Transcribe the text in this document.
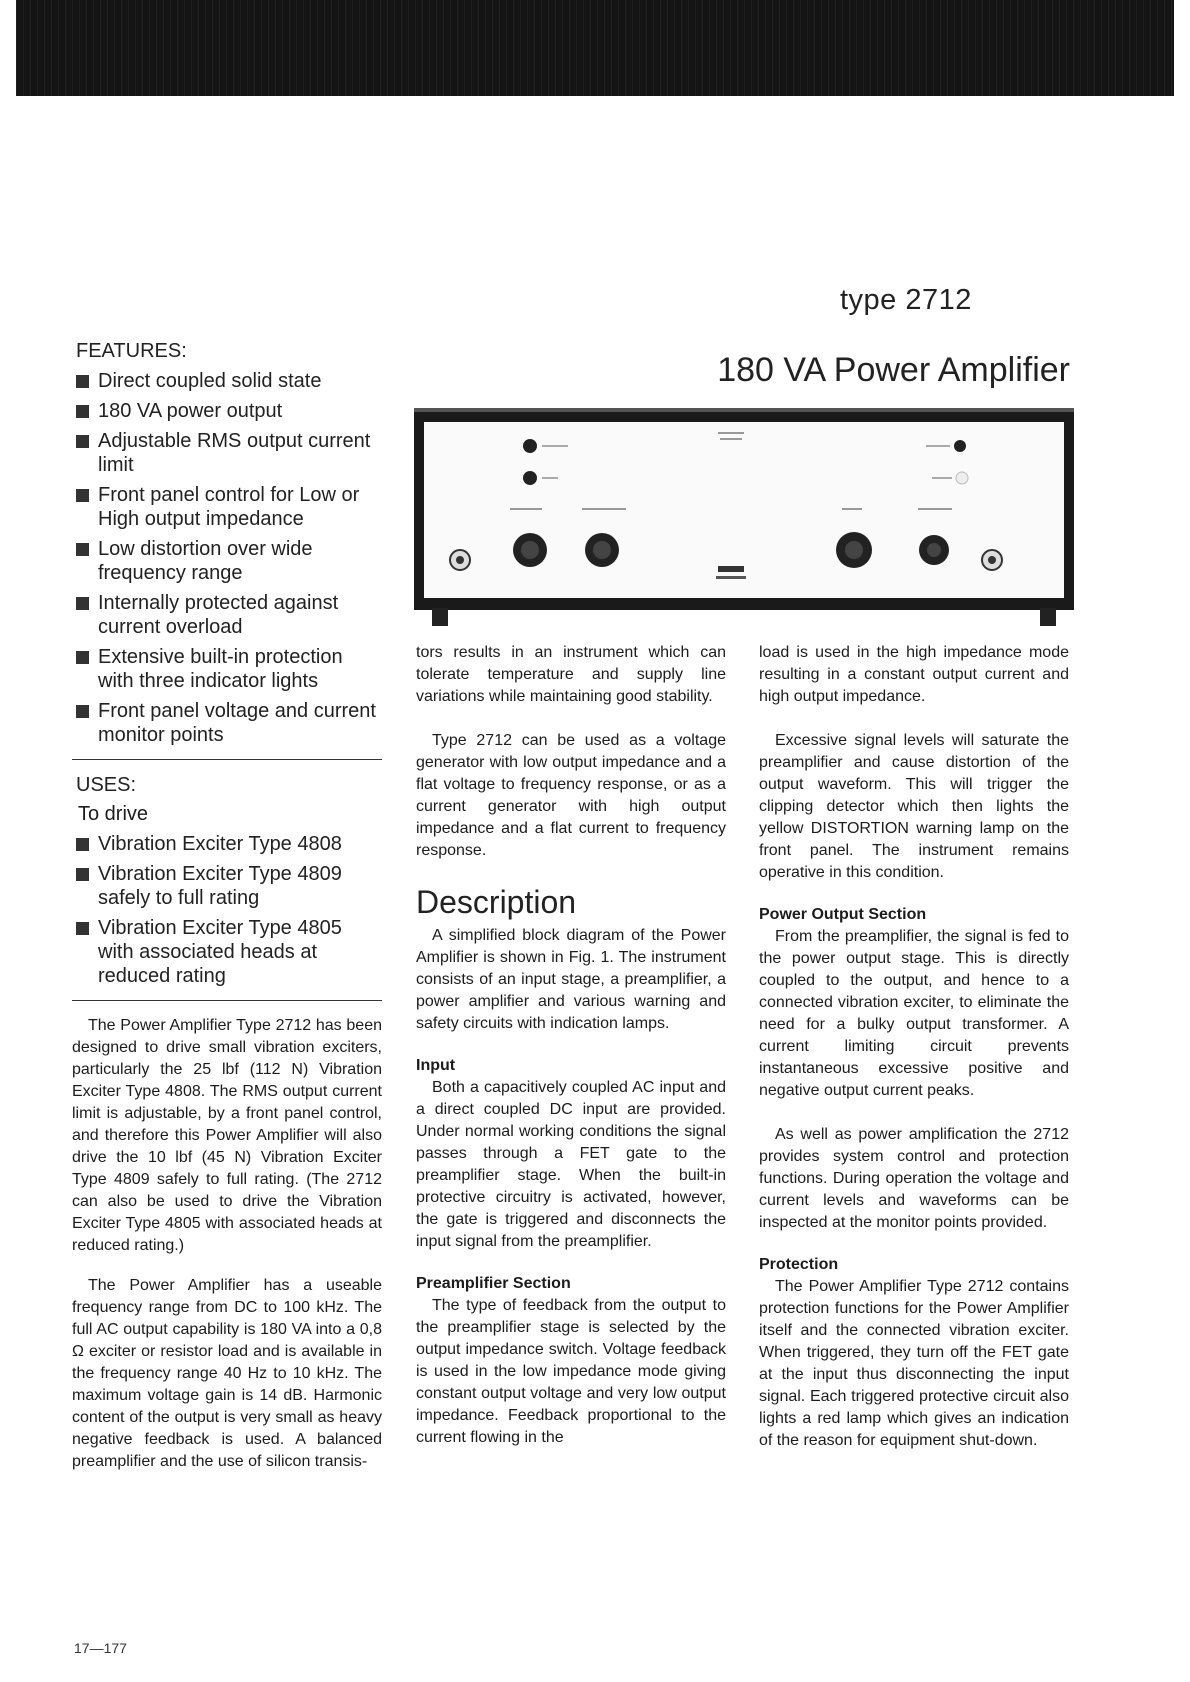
type 2712
180 VA Power Amplifier
FEATURES:
Direct coupled solid state
180 VA power output
Adjustable RMS output current limit
Front panel control for Low or High output impedance
Low distortion over wide frequency range
Internally protected against current overload
Extensive built-in protection with three indicator lights
Front panel voltage and current monitor points
USES:
To drive
Vibration Exciter Type 4808
Vibration Exciter Type 4809 safely to full rating
Vibration Exciter Type 4805 with associated heads at reduced rating

The Power Amplifier Type 2712 has been designed to drive small vibration exciters, particularly the 25 lbf (112 N) Vibration Exciter Type 4808. The RMS output current limit is adjustable, by a front panel control, and therefore this Power Amplifier will also drive the 10 lbf (45 N) Vibration Exciter Type 4809 safely to full rating. (The 2712 can also be used to drive the Vibration Exciter Type 4805 with associated heads at reduced rating.)

The Power Amplifier has a useable frequency range from DC to 100 kHz. The full AC output capability is 180 VA into a 0,8 Ω exciter or resistor load and is available in the frequency range 40 Hz to 10 kHz. The maximum voltage gain is 14 dB. Harmonic content of the output is very small as heavy negative feedback is used. A balanced preamplifier and the use of silicon transis-

tors results in an instrument which can tolerate temperature and supply line variations while maintaining good stability.

Type 2712 can be used as a voltage generator with low output impedance and a flat voltage to frequency response, or as a current generator with high output impedance and a flat current to frequency response.

Description

A simplified block diagram of the Power Amplifier is shown in Fig. 1. The instrument consists of an input stage, a preamplifier, a power amplifier and various warning and safety circuits with indication lamps.

Input

Both a capacitively coupled AC input and a direct coupled DC input are provided. Under normal working conditions the signal passes through a FET gate to the preamplifier stage. When the built-in protective circuitry is activated, however, the gate is triggered and disconnects the input signal from the preamplifier.

Preamplifier Section

The type of feedback from the output to the preamplifier stage is selected by the output impedance switch. Voltage feedback is used in the low impedance mode giving constant output voltage and very low output impedance. Feedback proportional to the current flowing in the

load is used in the high impedance mode resulting in a constant output current and high output impedance.

Excessive signal levels will saturate the preamplifier and cause distortion of the output waveform. This will trigger the clipping detector which then lights the yellow DISTORTION warning lamp on the front panel. The instrument remains operative in this condition.

Power Output Section

From the preamplifier, the signal is fed to the power output stage. This is directly coupled to the output, and hence to a connected vibration exciter, to eliminate the need for a bulky output transformer. A current limiting circuit prevents instantaneous excessive positive and negative output current peaks.

As well as power amplification the 2712 provides system control and protection functions. During operation the voltage and current levels and waveforms can be inspected at the monitor points provided.

Protection

The Power Amplifier Type 2712 contains protection functions for the Power Amplifier itself and the connected vibration exciter. When triggered, they turn off the FET gate at the input thus disconnecting the input signal. Each triggered protective circuit also lights a red lamp which gives an indication of the reason for equipment shut-down.

17—177
